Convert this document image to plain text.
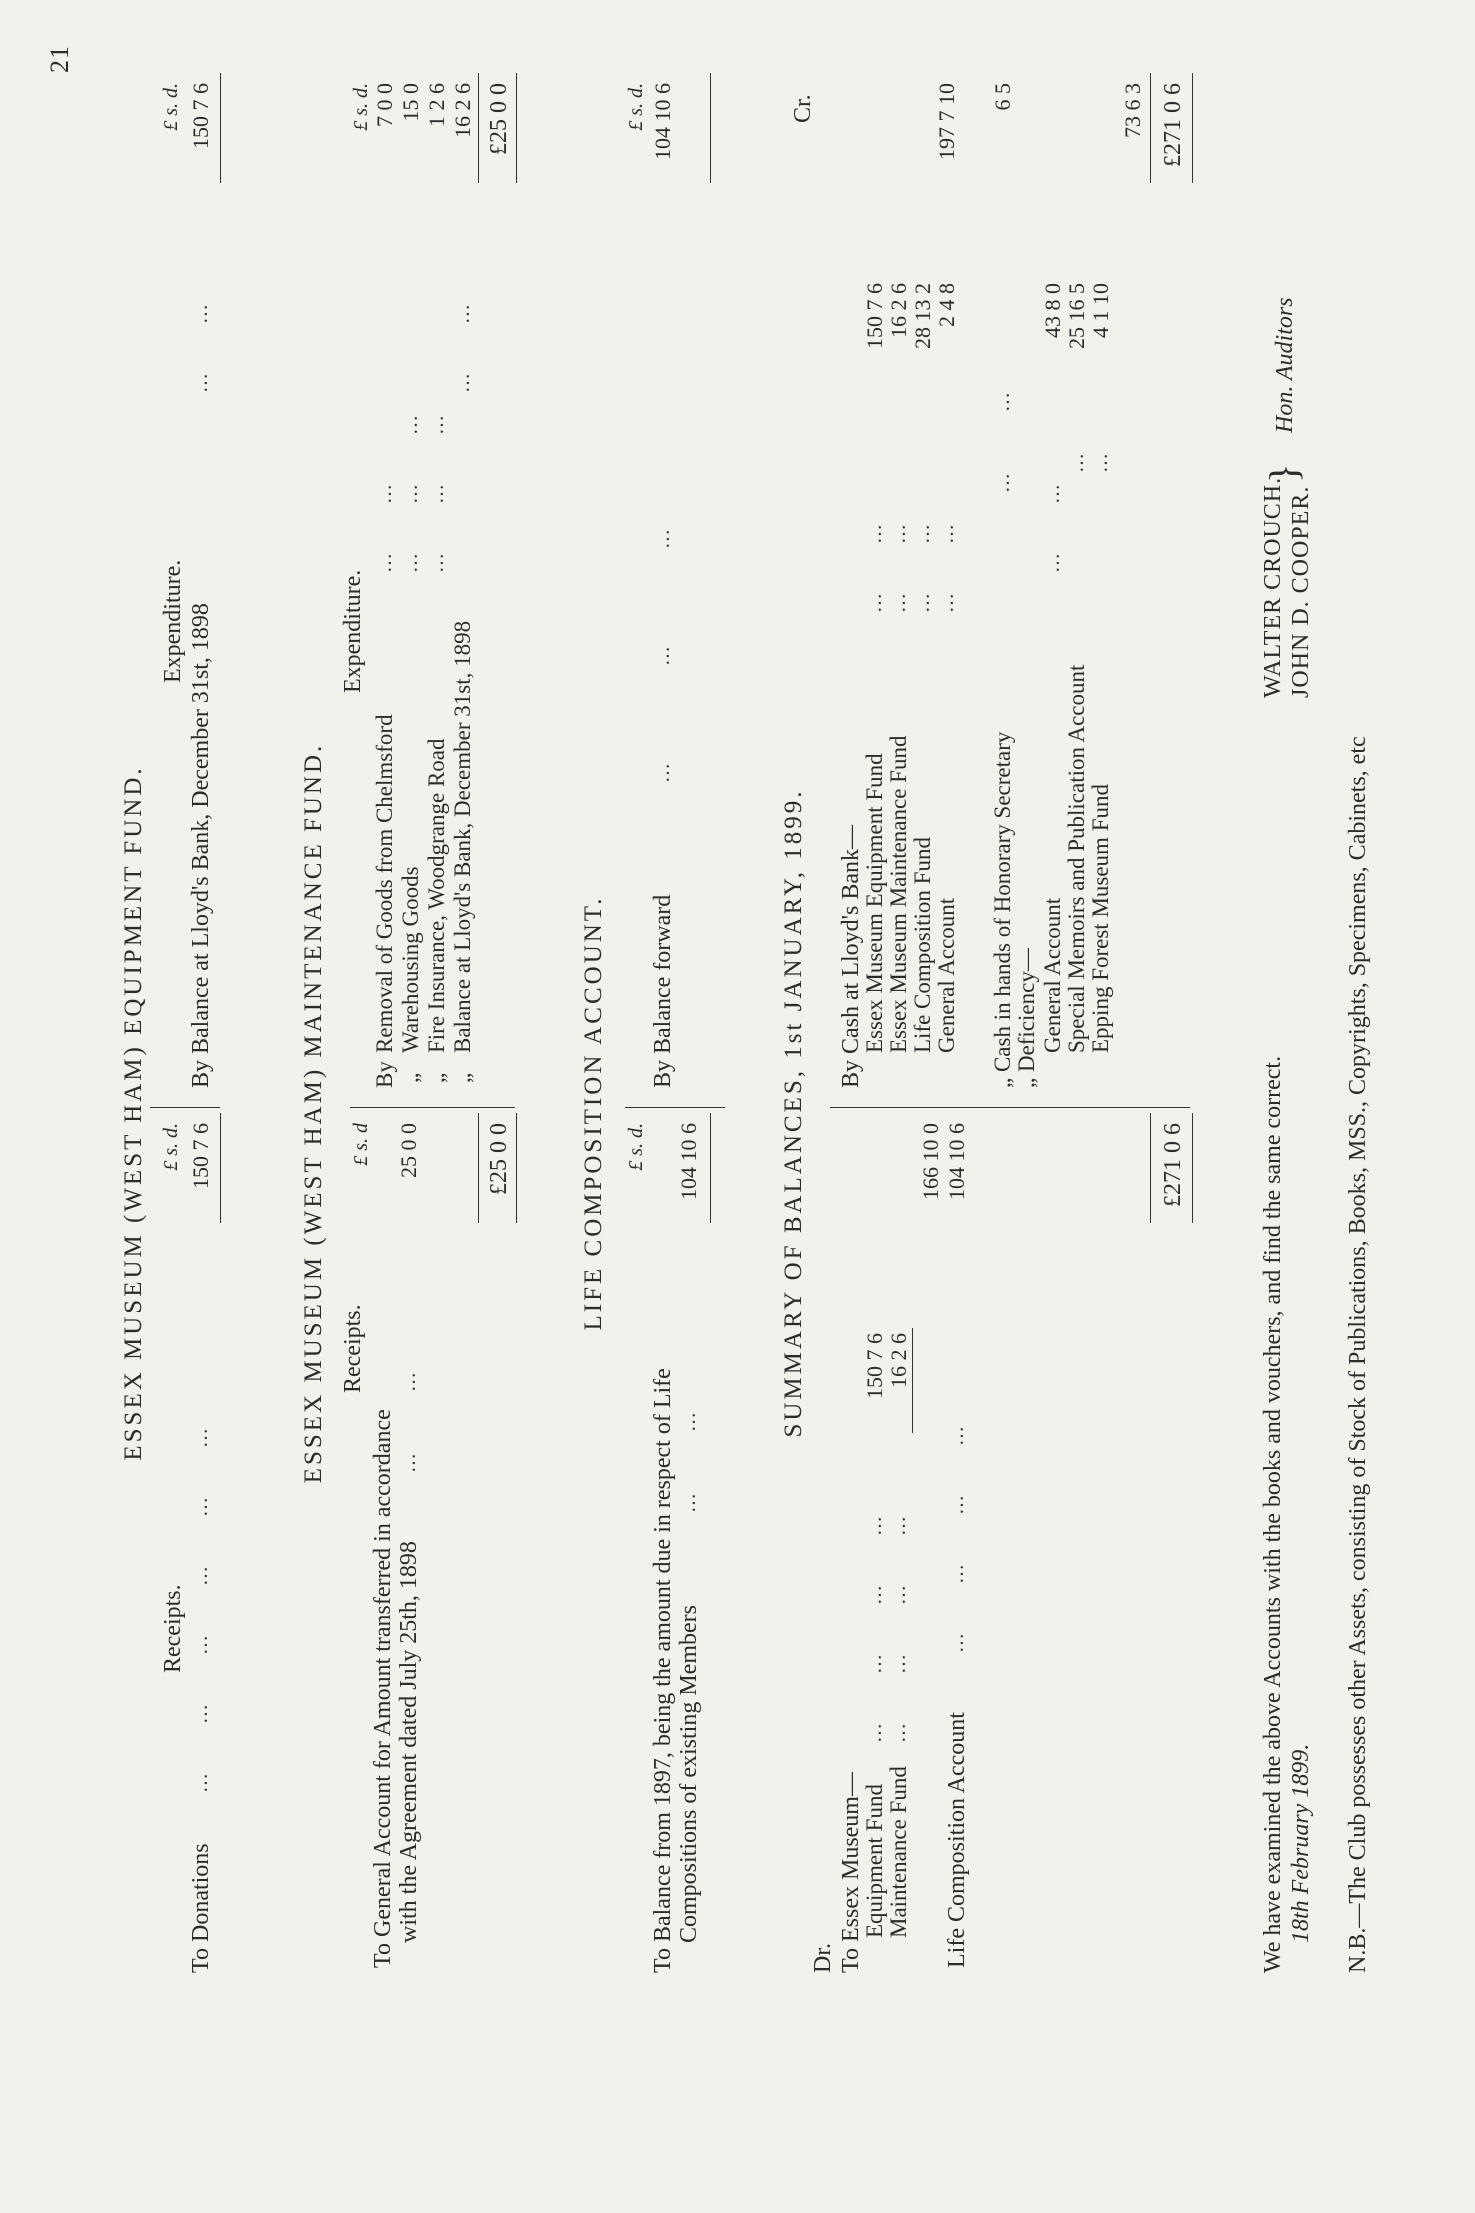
21
ESSEX MUSEUM (WEST HAM) EQUIPMENT FUND.
Receipts.
Expenditure.
£ s. d.
£ s. d.
To Donations
…        …        …        …        …        …
150 7 6
By Balance at Lloyd's Bank, December 31st, 1898
…        …
150 7 6
ESSEX MUSEUM (WEST HAM) MAINTENANCE FUND. Receipts.
Expenditure.
£ s. d
£ s. d.
To General Account for Amount transferred in accordance with the Agreement dated July 25th, 1898
…          …
25 0 0
By
Removal of Goods from Chelmsford
7 0 0
„
Warehousing Goods
15 0
„
Fire Insurance, Woodgrange Road
1 2 6
„
Balance at Lloyd's Bank, December 31st, 1898
16 2 6
…        … …        …        … …        …        …
…        …
£25 0 0
£25 0 0
LIFE COMPOSITION ACCOUNT. £ s. d.
£ s. d.
To Balance from 1897, being the amount due in respect of Life Compositions of existing Members
…          …
104 10 6
By Balance forward
…                …                …
104 10 6
SUMMARY OF BALANCES, 1st JANUARY, 1899.
Dr.
Cr.
To Essex Museum—
Equipment Fund
150 7 6
Maintenance Fund
16 2 6
166 10 0
Life Composition Account
104 10 6
…        …        …        … …        …        …        … …        …        …        …
By Cash at Lloyd's Bank—
Essex Museum Equipment Fund
150 7 6
Essex Museum Maintenance Fund
16 2 6
Life Composition Fund
28 13 2
General Account
2 4 8
…        … …        … …        … …        …
197 7 10
„ Cash in hands of Honorary Secretary
…          …
6 5
„ Deficiency— General Account
43 8 0
Special Memoirs and Publication Account
25 16 5
Epping Forest Museum Fund
4 1 10
…        …
… …
73 6 3
£271 0 6
£271 0 6
We have examined the above Accounts with the books and vouchers, and find the same correct. 18th February 1899.
WALTER CROUCH. JOHN D. COOPER.
}
Hon. Auditors
N.B.—The Club possesses other Assets, consisting of Stock of Publications, Books, MSS., Copyrights, Specimens, Cabinets, etc
